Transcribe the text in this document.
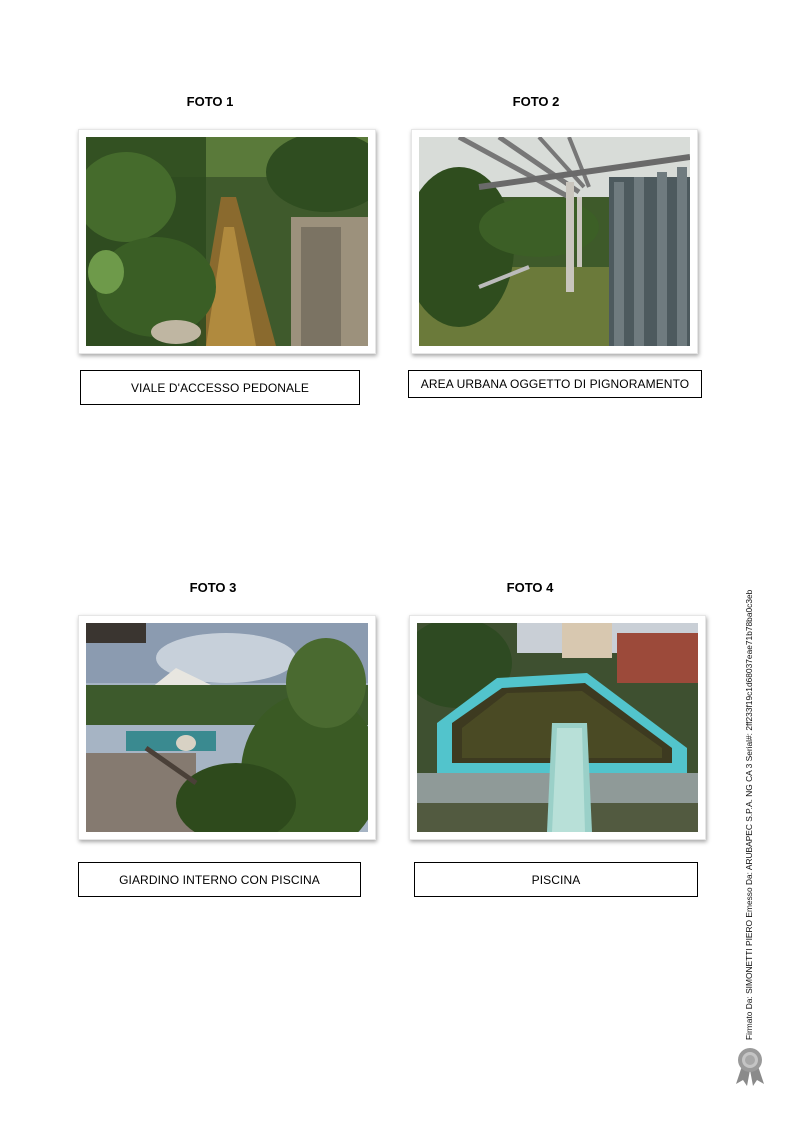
FOTO 1
VIALE D'ACCESSO PEDONALE
FOTO 2
AREA URBANA OGGETTO DI PIGNORAMENTO
FOTO 3
GIARDINO INTERNO CON PISCINA
FOTO 4
PISCINA	Firmato Da: SIMONETTI PIERO Emesso Da: ARUBAPEC S.P.A. NG CA 3 Serial#: 2ff233f19c1d68037eae71b78ba0c3eb
